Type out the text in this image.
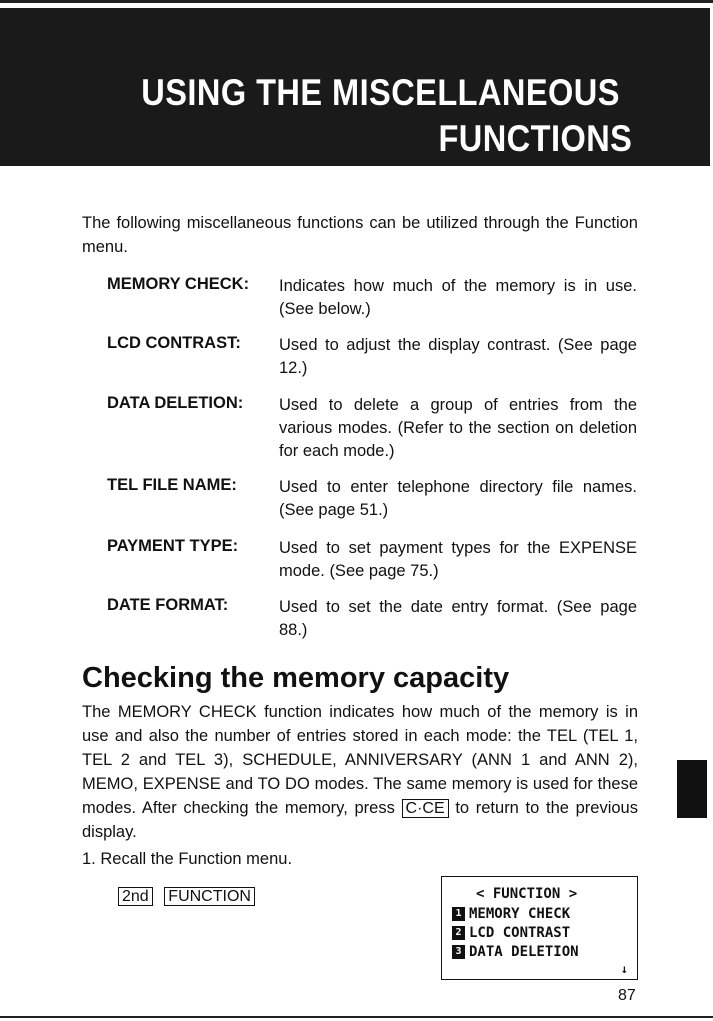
USING THE MISCELLANEOUS
FUNCTIONS
The following miscellaneous functions can be utilized through the Function menu.
MEMORY CHECK: Indicates how much of the memory is in use. (See below.)
LCD CONTRAST: Used to adjust the display contrast. (See page 12.)
DATA DELETION: Used to delete a group of entries from the various modes. (Refer to the section on deletion for each mode.)
TEL FILE NAME:	Used to enter telephone directory file names. (See page 51.)
PAYMENT TYPE: Used to set payment types for the EXPENSE mode. (See page 75.)
DATE FORMAT:	Used to set the date entry format. (See page 88.)
Checking the memory capacity
The MEMORY CHECK function indicates how much of the memory is in use and also the number of entries stored in each mode: the TEL (TEL 1, TEL 2 and TEL 3), SCHEDULE, ANNIVERSARY (ANN 1 and ANN 2), MEMO, EXPENSE and TO DO modes. The same memory is used for these modes. After checking the memory, press C·CE to return to the previous display.
1. Recall the Function menu.
2nd FUNCTION	< FUNCTION >
1 MEMORY CHECK
2 LCD CONTRAST
3 DATA DELETION
↓
87
